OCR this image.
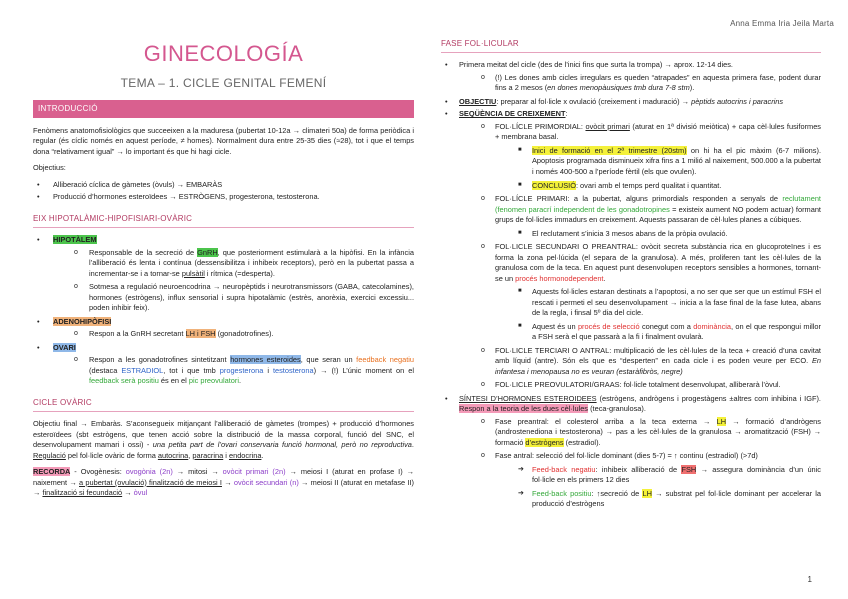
Anna Emma Iria Jeila Marta
GINECOLOGÍA
TEMA – 1. CICLE GENITAL FEMENÍ
INTRODUCCIÓ

Fenòmens anatomofisiològics que succeeixen a la maduresa (pubertat 10-12a → climateri 50a) de forma periòdica i regular (és cíclic només en aquest període, ≠ homes). Normalment dura entre 25-35 dies (≈28), tot i que el temps dona “relativament igual” → lo important és que hi hagi cicle.

Objectius:

• Alliberació cíclica de gàmetes (òvuls) → EMBARÀS
• Producció d’hormones esteroïdees → ESTRÒGENS, progesterona, testosterona.
EIX HIPOTALÀMIC-HIPOFISIARI-OVÀRIC
• HIPOTÀLEM
o Responsable de la secreció de GnRH, que posteriorment estimularà a la hipòfisi. En la infància l’alliberació és lenta i contínua (dessensibilitza i inhibeix receptors), però en la pubertat passa a incrementar-se i a tornar-se pulsàtil i rítmica (=desperta).
o Sotmesa a regulació neuroencodrina → neuropèptids i neurotransmissors (GABA, catecolamines), hormones (estrògens), influx sensorial i supra hipotalàmic (estrès, anorèxia, exercici excessiu... poden inhibir feix).
• ADENOHIPÒFISI
o Respon a la GnRH secretant LH i FSH (gonadotrofines).
• OVARI
o Respon a les gonadotrofines sintetitzant hormones esteroides, que seran un feedback negatiu (destaca ESTRADIOL, tot i que tmb progesterona i testosterona) → (!) L’únic moment on el feedback serà positiu és en el pic preovulatori.
CICLE OVÀRIC

Objectiu final → Embaràs. S’aconsegueix mitjançant l’alliberació de gàmetes (trompes) + producció d’hormones esteroïdees (sbt estrògens, que tenen acció sobre la distribució de la massa corporal, funció del SNC, el desenvolupament mamari i ossi) - una petita part de l’ovari conservaria funció hormonal, però no reproductiva. Regulació pel fol·licle ovàric de forma autocrina, paracrina i endocrina.

RECORDA - Ovogènesis: ovogònia (2n) → mitosi → ovòcit primari (2n) → meiosi I (aturat en profase I) → naixement → a pubertat (ovulació) finalització de meiosi I → ovòcit secundari (n) → meiosi II (aturat en metafase II) → finalització si fecundació → òvul

FASE FOL·LICULAR
• Primera meitat del cicle (des de l’inici fins que surta la trompa) → aprox. 12-14 dies.
o (!) Les dones amb cicles irregulars es queden “atrapades” en aquesta primera fase, podent durar fins a 2 mesos (en dones menopàusiques tmb dura 7-8 stm).
• OBJECTIU: preparar al fol·licle x ovulació (creixement i maduració) → pèptids autocrins i paracrins
• SEQÜÈNCIA DE CREIXEMENT:
o FOL·LÍCLE PRIMORDIAL: ovòcit primari (aturat en 1ª divisió meiòtica) + capa cèl·lules fusiformes + membrana basal.
■ Inici de formació en el 2ª trimestre (20stm) on hi ha el pic màxim (6-7 milions). Apoptosis programada disminueix xifra fins a 1 milió al naixement, 500.000 a la pubertat i només 400-500 a l’període fèrtil (els que ovulen).
■ CONCLUSIÓ: ovari amb el temps perd qualitat i quantitat.
o FOL·LÍCLE PRIMARI: a la pubertat, alguns primordials responden a senyals de reclutament (fenomen paracrí independent de les gonadotropines = existeix aument NO podem actuar) formant grups de fol·licles immadurs en creixement. Aquests passaran de cèl·lules planes a cúbiques.
■ El reclutament s’inicia 3 mesos abans de la pròpia ovulació.
o FOL·LICLE SECUNDARI O PREANTRAL: ovòcit secreta substància rica en glucoproteïnes i es forma la zona pel·lúcida (el separa de la granulosa). A més, proliferen tant les cèl·lules de la granulosa com de la teca. En aquest punt desenvolupen receptors sensibles a hormones, tornant-se un procés hormonodependent.
■ Aquests fol·licles estaran destinats a l’apoptosi, a no ser que ser que un estímul FSH el rescati i permeti el seu desenvolupament → inicia a la fase final de la fase lutea, abans de la regla, i finsal 5º dia del cicle.
■ Aquest és un procés de selecció conegut com a dominància, on el que respongui millor a FSH serà el que passarà a la fi i finalment ovularà.
o FOL·LICLE TERCIARI O ANTRAL: multiplicació de les cèl·lules de la teca + creació d’una cavitat amb líquid (antre). Són els que es “desperten” en cada cicle i es poden veure per ECO. En infantesa i menopausa no es veuran (estaràfibròs, negre)
o FOL·LICLE PREOVULATORI/GRAAS: fol·licle totalment desenvolupat, alliberarà l’òvul.
• SÍNTESI D’HORMONES ESTEROIDEES (estrògens, andrògens i progestàgens ±altres com inhibina i IGF). Respon a la teoria de les dues cèl·lules (teca-granulosa).
o Fase preantral: el colesterol arriba a la teca externa → LH → formació d’andrògens (androstenediona i testosterona) → pas a les cèl·lules de la granulosa → aromatització (FSH) → formació d’estrògens (estradiol).
o Fase antral: selecció del fol·licle dominant (dies 5-7) = ↑ continu (estradiol) (>7d)
➔ Feed-back negatiu: inhibeix alliberació de FSH → assegura dominància d’un únic fol·licle en els primers 12 dies
➔ Feed-back positiu: ↑secreció de LH → substrat pel fol·licle dominant per accelerar la producció d’estrògens
1
